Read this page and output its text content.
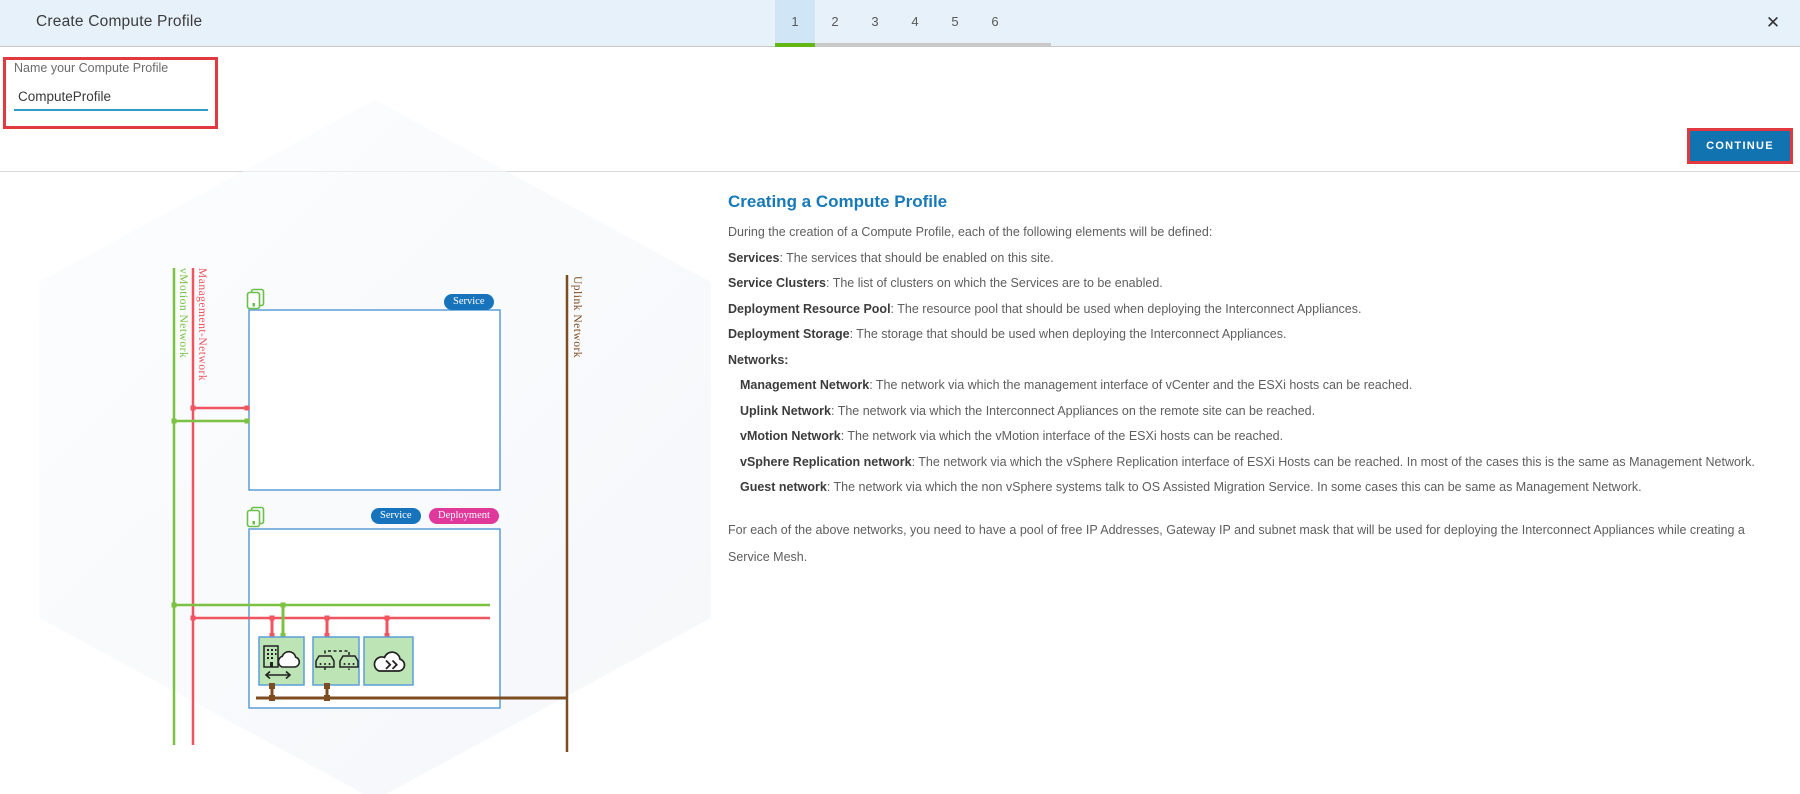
Create Compute Profile	1	2	3	4	5	6	✕
Name your Compute Profile
ComputeProfile
CONTINUE
vMotion Network Management-Network	Uplink Network
Service
Service	Deployment
Creating a Compute Profile
During the creation of a Compute Profile, each of the following elements will be defined:
Services: The services that should be enabled on this site.
Service Clusters: The list of clusters on which the Services are to be enabled.
Deployment Resource Pool: The resource pool that should be used when deploying the Interconnect Appliances.
Deployment Storage: The storage that should be used when deploying the Interconnect Appliances.
Networks:
Management Network: The network via which the management interface of vCenter and the ESXi hosts can be reached.
Uplink Network: The network via which the Interconnect Appliances on the remote site can be reached.
vMotion Network: The network via which the vMotion interface of the ESXi hosts can be reached.
vSphere Replication network: The network via which the vSphere Replication interface of ESXi Hosts can be reached. In most of the cases this is the same as Management Network.
Guest network: The network via which the non vSphere systems talk to OS Assisted Migration Service. In some cases this can be same as Management Network.
For each of the above networks, you need to have a pool of free IP Addresses, Gateway IP and subnet mask that will be used for deploying the Interconnect Appliances while creating a Service Mesh.
